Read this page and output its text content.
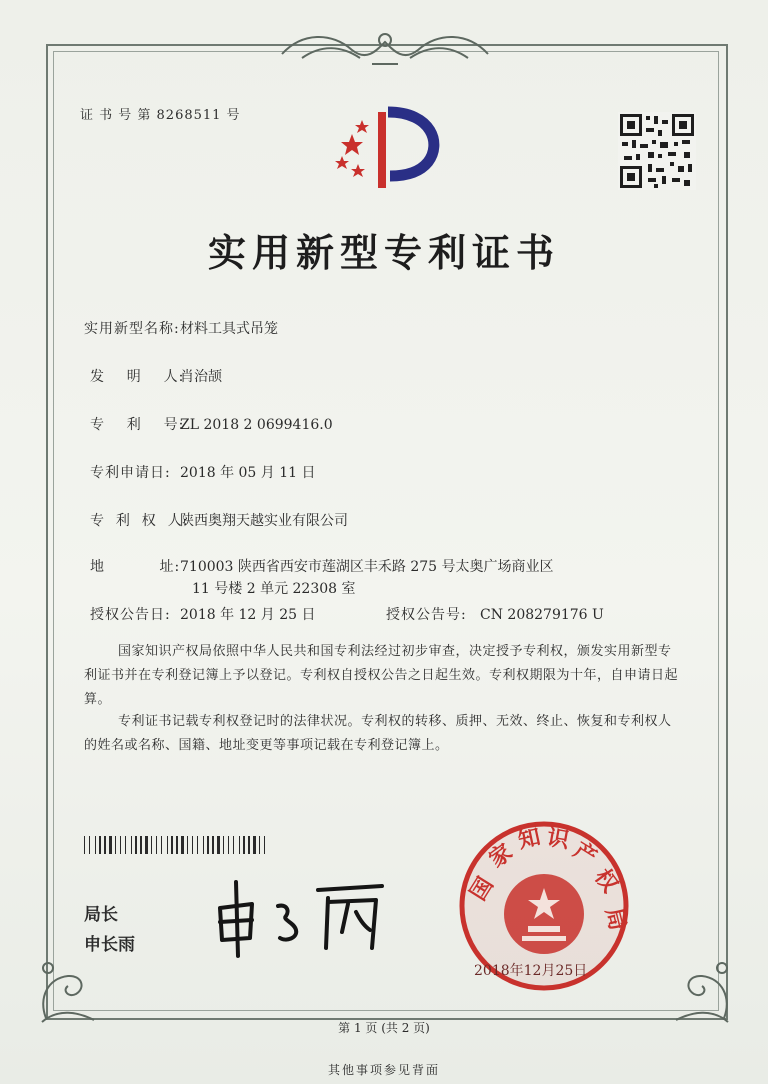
证 书 号 第 8268511 号
实用新型专利证书
实用新型名称:材料工具式吊笼
发    明    人:肖治颉
专    利    号:ZL 2018 2 0699416.0
专利申请日: 2018 年 05 月 11 日
专  利  权  人:陕西奥翔天越实业有限公司
地          址:710003 陕西省西安市莲湖区丰禾路 275 号太奥广场商业区
11 号楼 2 单元 22308 室
授权公告日: 2018 年 12 月 25 日	授权公告号: CN 208279176 U
国家知识产权局依照中华人民共和国专利法经过初步审查，决定授予专利权，颁发实用新型专利证书并在专利登记簿上予以登记。专利权自授权公告之日起生效。专利权期限为十年，自申请日起算。
专利证书记载专利权登记时的法律状况。专利权的转移、质押、无效、终止、恢复和专利权人的姓名或名称、国籍、地址变更等事项记载在专利登记簿上。
局长
申长雨
国
家
知 识
产
权
局
2018年12月25日
第 1 页 (共 2 页)
其他事项参见背面
